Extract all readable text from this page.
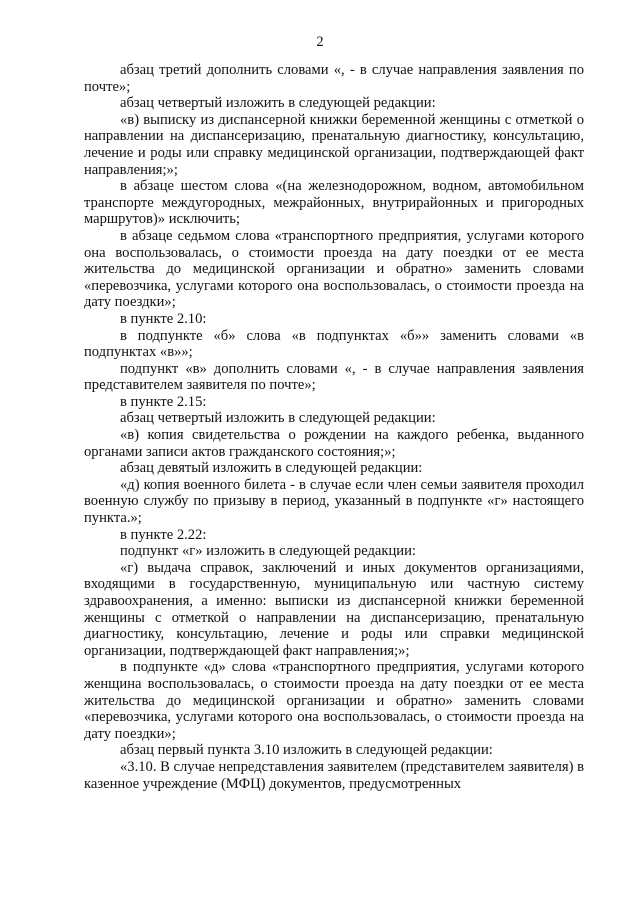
2

абзац третий дополнить словами «, - в случае направления заявления по почте»;

абзац четвертый изложить в следующей редакции:

«в) выписку из диспансерной книжки беременной женщины с отметкой о направлении на диспансеризацию, пренатальную диагностику, консультацию, лечение и роды или справку медицинской организации, подтверждающей факт направления;»;

в абзаце шестом слова «(на железнодорожном, водном, автомобильном транспорте междугородных, межрайонных, внутрирайонных и пригородных маршрутов)» исключить;

в абзаце седьмом слова «транспортного предприятия, услугами которого она воспользовалась, о стоимости проезда на дату поездки от ее места жительства до медицинской организации и обратно» заменить словами «перевозчика, услугами которого она воспользовалась, о стоимости проезда на дату поездки»;

в пункте 2.10:

в подпункте «б» слова «в подпунктах «б»» заменить словами «в подпунктах «в»»;

подпункт «в» дополнить словами «, - в случае направления заявления представителем заявителя по почте»;

в пункте 2.15:

абзац четвертый изложить в следующей редакции:

«в) копия свидетельства о рождении на каждого ребенка, выданного органами записи актов гражданского состояния;»;

абзац девятый изложить в следующей редакции:

«д) копия военного билета - в случае если член семьи заявителя проходил военную службу по призыву в период, указанный в подпункте «г» настоящего пункта.»;

в пункте 2.22:

подпункт «г» изложить в следующей редакции:

«г) выдача справок, заключений и иных документов организациями, входящими в государственную, муниципальную или частную систему здравоохранения, а именно: выписки из диспансерной книжки беременной женщины с отметкой о направлении на диспансеризацию, пренатальную диагностику, консультацию, лечение и роды или справки медицинской организации, подтверждающей факт направления;»;

в подпункте «д» слова «транспортного предприятия, услугами которого женщина воспользовалась, о стоимости проезда на дату поездки от ее места жительства до медицинской организации и обратно» заменить словами «перевозчика, услугами которого она воспользовалась, о стоимости проезда на дату поездки»;

абзац первый пункта 3.10 изложить в следующей редакции:

«3.10. В случае непредставления заявителем (представителем заявителя) в казенное учреждение (МФЦ) документов, предусмотренных
